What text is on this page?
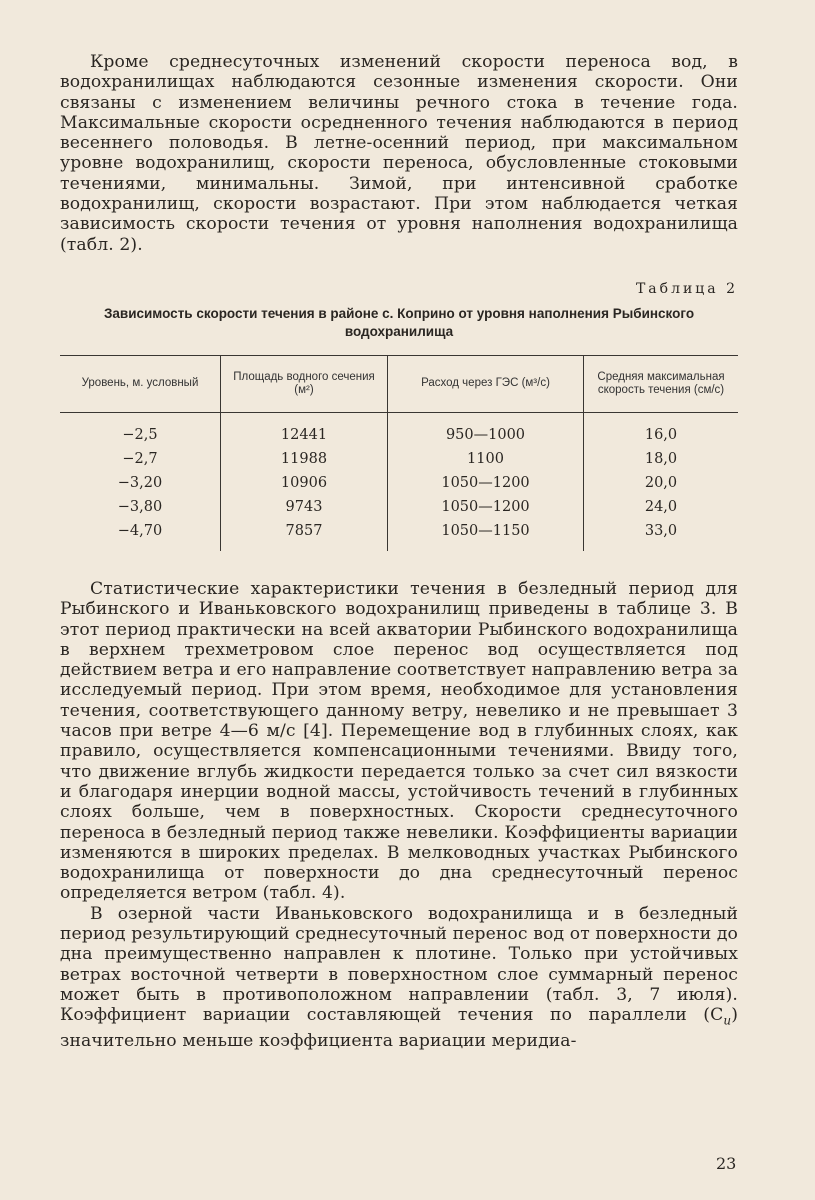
Кроме среднесуточных изменений скорости переноса вод, в водохранилищах наблюдаются сезонные изменения скорости. Они связаны с изменением величины речного стока в течение года. Максимальные скорости осредненного течения наблюдаются в период весеннего половодья. В летне-осенний период, при максимальном уровне водохранилищ, скорости переноса, обусловленные стоковыми течениями, минимальны. Зимой, при интенсивной сработке водохранилищ, скорости возрастают. При этом наблюдается четкая зависимость скорости течения от уровня наполнения водохранилища (табл. 2).

Таблица 2
Зависимость скорости течения в районе с. Коприно от уровня наполнения Рыбинского водохранилища
Уровень, м. условный	Площадь водного сечения (м²)	Расход через ГЭС (м³/с)	Средняя максимальная скорость течения (см/с)
−2,5	12441	950—1000	16,0
−2,7	11988	1100	18,0
−3,20	10906	1050—1200	20,0
−3,80	9743	1050—1200	24,0
−4,70	7857	1050—1150	33,0

Статистические характеристики течения в безледный период для Рыбинского и Иваньковского водохранилищ приведены в таблице 3. В этот период практически на всей акватории Рыбинского водохранилища в верхнем трехметровом слое перенос вод осуществляется под действием ветра и его направление соответствует направлению ветра за исследуемый период. При этом время, необходимое для установления течения, соответствующего данному ветру, невелико и не превышает 3 часов при ветре 4—6 м/с [4]. Перемещение вод в глубинных слоях, как правило, осуществляется компенсационными течениями. Ввиду того, что движение вглубь жидкости передается только за счет сил вязкости и благодаря инерции водной массы, устойчивость течений в глубинных слоях больше, чем в поверхностных. Скорости среднесуточного переноса в безледный период также невелики. Коэффициенты вариации изменяются в широких пределах. В мелководных участках Рыбинского водохранилища от поверхности до дна среднесуточный перенос определяется ветром (табл. 4).

В озерной части Иваньковского водохранилища и в безледный период результирующий среднесуточный перенос вод от поверхности до дна преимущественно направлен к плотине. Только при устойчивых ветрах восточной четверти в поверхностном слое суммарный перенос может быть в противоположном направлении (табл. 3, 7 июля). Коэффициент вариации составляющей течения по параллели $(C_u)$ значительно меньше коэффициента вариации меридиа-

23
